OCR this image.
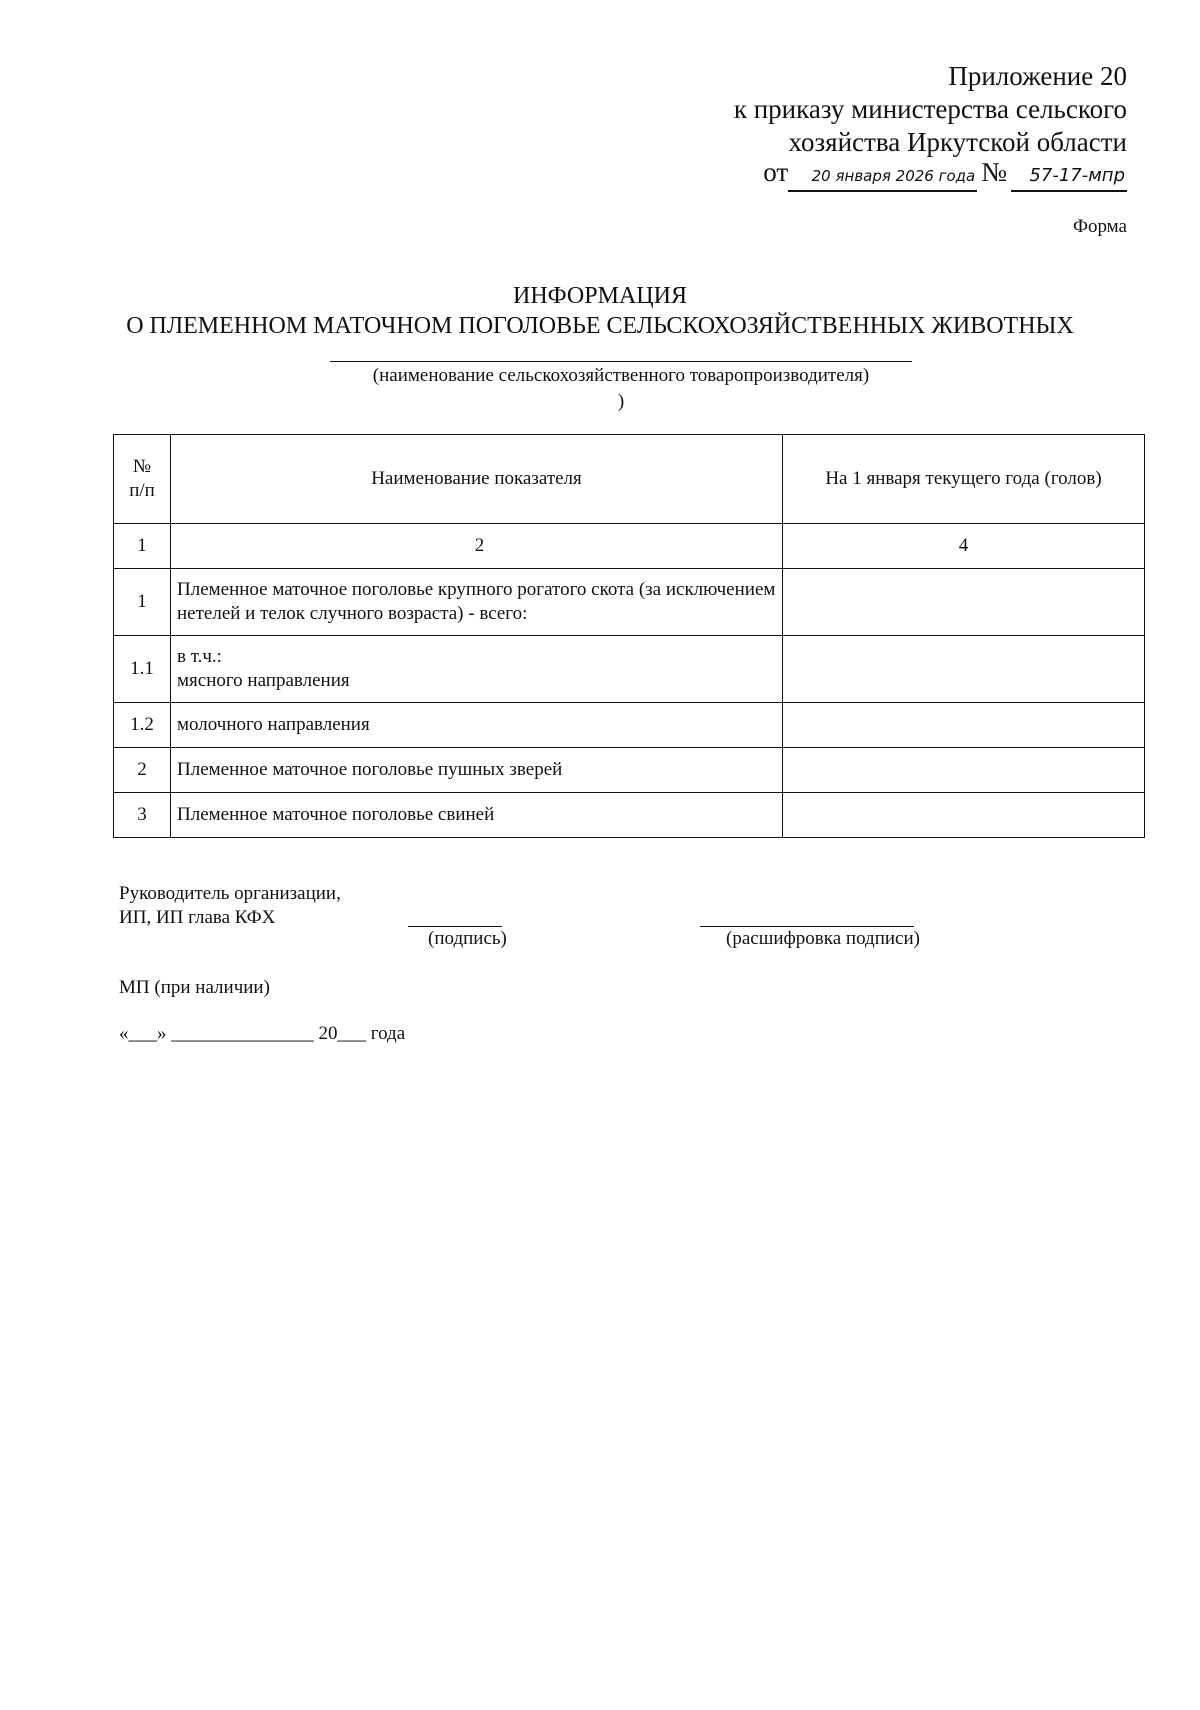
Приложение 20
к приказу министерства сельского
хозяйства Иркутской области
от	20 января 2026 года №	57-17-мпр
Форма
ИНФОРМАЦИЯ
О ПЛЕМЕННОМ МАТОЧНОМ ПОГОЛОВЬЕ СЕЛЬСКОХОЗЯЙСТВЕННЫХ ЖИВОТНЫХ
(наименование сельскохозяйственного товаропроизводителя)
)
№
п/п	Наименование показателя	На 1 января текущего года (голов)
1	2	4
1	Племенное маточное поголовье крупного рогатого скота (за исключением нетелей и телок случного возраста) - всего:	
1.1	в т.ч.:
мясного направления	

1.2	молочного направления	
2	Племенное маточное поголовье пушных зверей	
3	Племенное маточное поголовье свиней	
Руководитель организации,
ИП, ИП глава КФХ
(подпись)	(расшифровка подписи)
МП (при наличии)
«___» _______________ 20___ года
